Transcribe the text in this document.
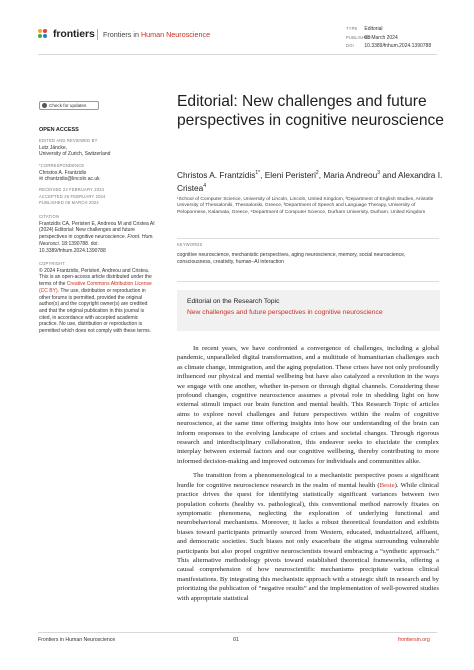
frontiers Frontiers in Human Neuroscience
TYPE Editorial
PUBLISHED 08 March 2024
DOI 10.3389/fnhum.2024.1390788
Check for updates
OPEN ACCESS
EDITED AND REVIEWED BY
Lutz Jäncke,
University of Zurich, Switzerland
*CORRESPONDENCE
Christos A. Frantzidis
✉ cfrantzidis@lincoln.ac.uk
RECEIVED 23 FEBRUARY 2024
ACCEPTED 26 FEBRUARY 2024
PUBLISHED 08 MARCH 2024
CITATION
Frantzidis CA, Peristeri E, Andreou M and Cristea AI (2024) Editorial: New challenges and future perspectives in cognitive neuroscience. Front. Hum. Neurosci. 18:1390788. doi: 10.3389/fnhum.2024.1390788
COPYRIGHT
© 2024 Frantzidis, Peristeri, Andreou and Cristea. This is an open-access article distributed under the terms of the Creative Commons Attribution License (CC BY). The use, distribution or reproduction in other forums is permitted, provided the original author(s) and the copyright owner(s) are credited and that the original publication in this journal is cited, in accordance with accepted academic practice. No use, distribution or reproduction is permitted which does not comply with these terms.
Editorial: New challenges and future perspectives in cognitive neuroscience
Christos A. Frantzidis$^{1*}$, Eleni Peristeri$^2$, Maria Andreou$^3$ and Alexandra I. Cristea$^4$
¹School of Computer Science, University of Lincoln, Lincoln, United Kingdom, ²Department of English Studies, Aristotle University of Thessaloniki, Thessaloniki, Greece, ³Department of Speech and Language Therapy, University of Peloponnese, Kalamata, Greece, ⁴Department of Computer Science, Durham University, Durham, United Kingdom
KEYWORDS
cognitive neuroscience, mechanistic perspectives, aging neuroscience, memory, social neuroscience, consciousness, creativity, human–AI interaction
Editorial on the Research Topic
New challenges and future perspectives in cognitive neuroscience

In recent years, we have confronted a convergence of challenges, including a global pandemic, unparalleled digital transformation, and a multitude of humanitarian challenges such as climate change, immigration, and the aging population. These crises have not only profoundly influenced our physical and mental wellbeing but have also catalyzed a revolution in the ways we engage with one another, whether in-person or through digital channels. Considering these profound changes, cognitive neuroscience assumes a pivotal role in shedding light on how external stimuli impact our brain function and mental health. This Research Topic of articles aims to explore novel challenges and future perspectives within the realm of cognitive neuroscience, at the same time offering insights into how our understanding of the brain can inform responses to the evolving landscape of crises and societal changes. Through rigorous research and interdisciplinary collaboration, this endeavor seeks to elucidate the complex interplay between external factors and our cognitive wellbeing, thereby contributing to more informed decision-making and improved outcomes for individuals and communities alike.

The transition from a phenomenological to a mechanistic perspective poses a significant hurdle for cognitive neuroscience research in the realm of mental health (Beste). While clinical practice drives the quest for identifying statistically significant variances between two population cohorts (healthy vs. pathological), this conventional method narrowly fixates on symptomatic phenomena, neglecting the exploration of underlying functional and neurobehavioral mechanisms. Moreover, it lacks a robust theoretical foundation and exhibits biases toward participants primarily sourced from Western, educated, industrialized, affluent, and democratic societies. Such biases not only exacerbate the stigma surrounding vulnerable participants but also propel cognitive neuroscientists toward embracing a “synthetic approach.” This alternative methodology pivots toward established theoretical frameworks, offering a causal comprehension of how neuroscientific mechanisms precipitate various clinical manifestations. By integrating this mechanistic approach with a strategic shift in research and by prioritizing the publication of “negative results” and the implementation of well-powered studies with appropriate statistical

Frontiers in Human Neuroscience	01	frontiersin.org
